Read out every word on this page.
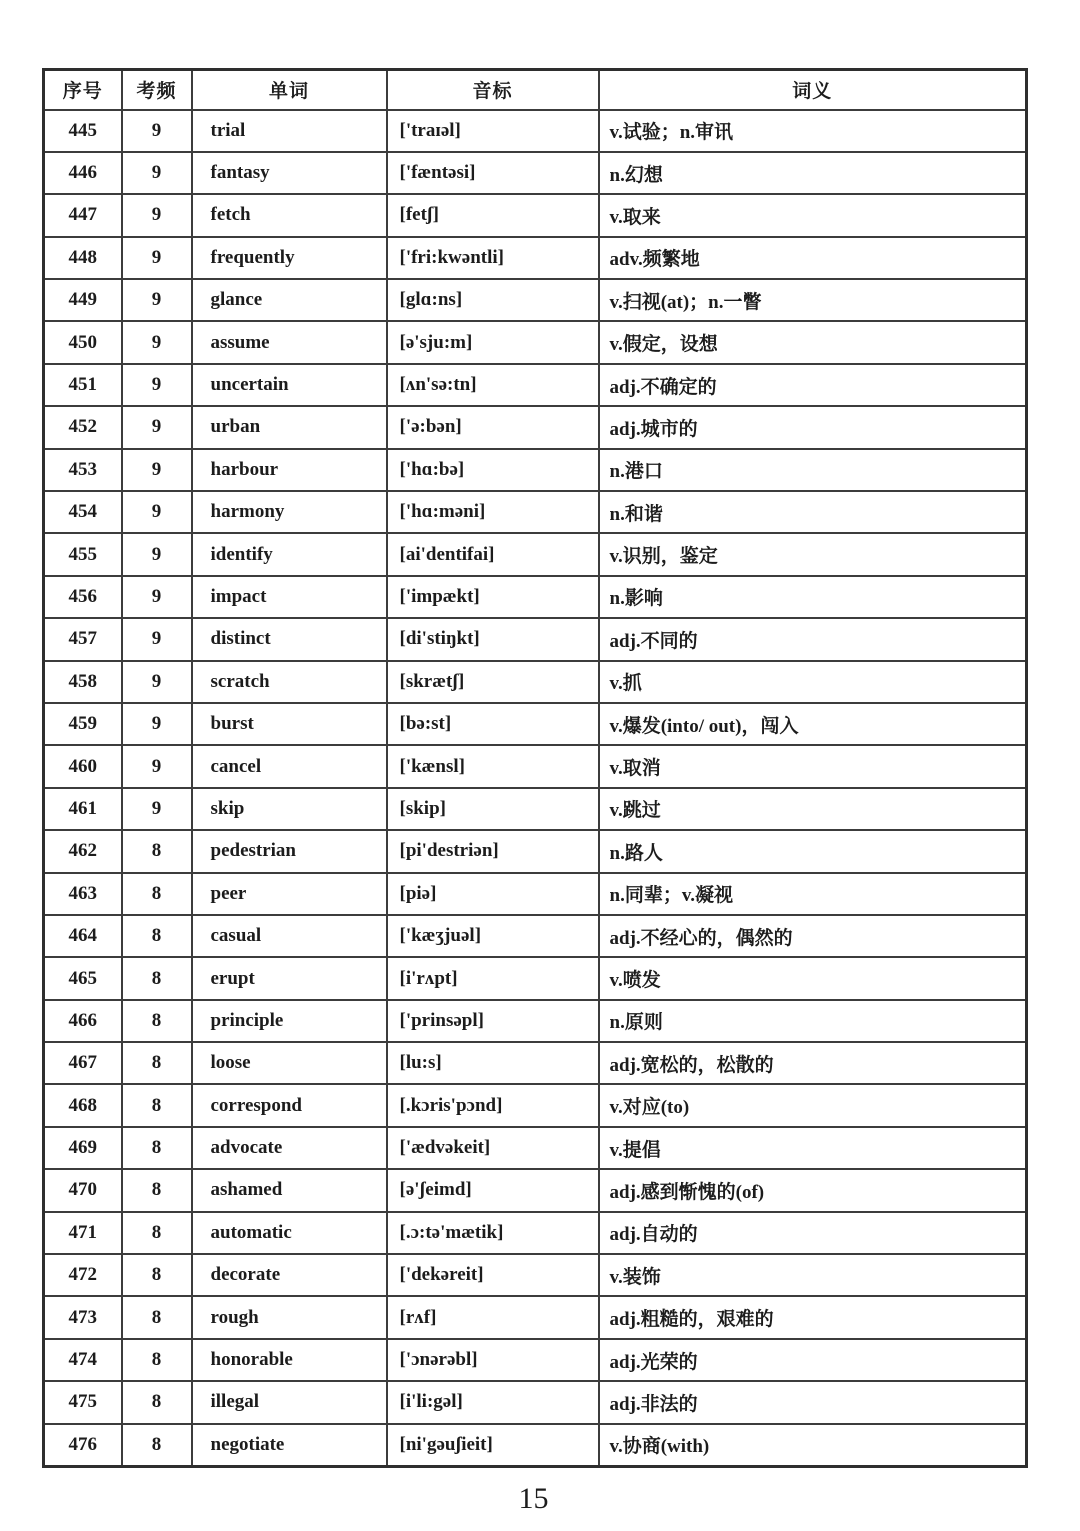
序号	考频	单词	音标	词义
445	9	trial	['traɪəl]	v.试验；n.审讯
446	9	fantasy	['fæntəsi]	n.幻想
447	9	fetch	[fetʃ]	v.取来
448	9	frequently	['fri:kwəntli]	adv.频繁地
449	9	glance	[glɑ:ns]	v.扫视(at)；n.一瞥
450	9	assume	[ə'sju:m]	v.假定，设想
451	9	uncertain	[ʌn'sə:tn]	adj.不确定的
452	9	urban	['ə:bən]	adj.城市的
453	9	harbour	['hɑ:bə]	n.港口
454	9	harmony	['hɑ:məni]	n.和谐
455	9	identify	[ai'dentifai]	v.识别，鉴定
456	9	impact	['impækt]	n.影响
457	9	distinct	[di'stiŋkt]	adj.不同的
458	9	scratch	[skrætʃ]	v.抓
459	9	burst	[bə:st]	v.爆发(into/ out)，闯入
460	9	cancel	['kænsl]	v.取消
461	9	skip	[skip]	v.跳过
462	8	pedestrian	[pi'destriən]	n.路人
463	8	peer	[piə]	n.同辈；v.凝视
464	8	casual	['kæʒjuəl]	adj.不经心的，偶然的
465	8	erupt	[i'rʌpt]	v.喷发
466	8	principle	['prinsəpl]	n.原则
467	8	loose	[lu:s]	adj.宽松的，松散的
468	8	correspond	[.kɔris'pɔnd]	v.对应(to)
469	8	advocate	['ædvəkeit]	v.提倡
470	8	ashamed	[ə'ʃeimd]	adj.感到惭愧的(of)
471	8	automatic	[.ɔ:tə'mætik]	adj.自动的
472	8	decorate	['dekəreit]	v.装饰
473	8	rough	[rʌf]	adj.粗糙的，艰难的
474	8	honorable	['ɔnərəbl]	adj.光荣的
475	8	illegal	[i'li:gəl]	adj.非法的
476	8	negotiate	[ni'gəuʃieit]	v.协商(with)
15
